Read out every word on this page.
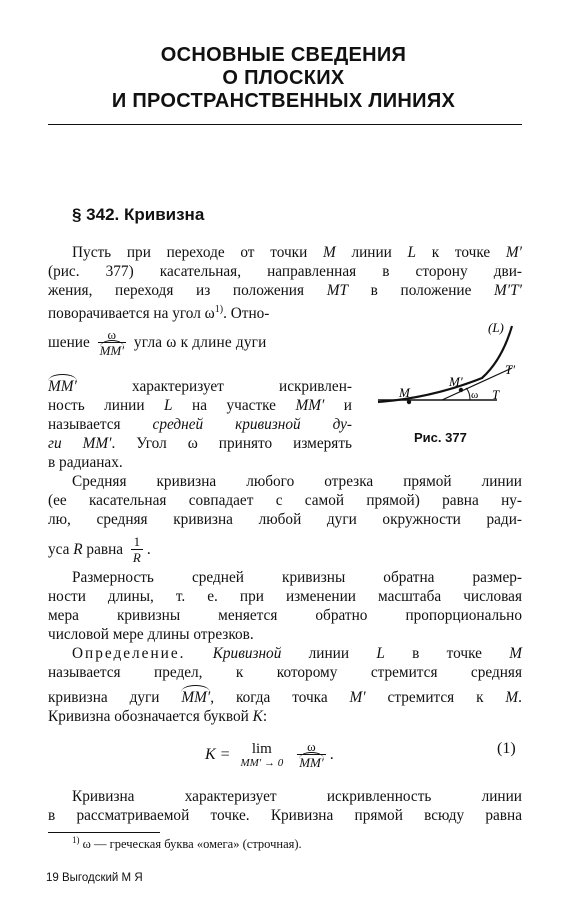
ОСНОВНЫЕ СВЕДЕНИЯ
О ПЛОСКИХ
И ПРОСТРАНСТВЕННЫХ ЛИНИЯХ
§ 342. Кривизна
Пусть при переходе от точки M линии L к точке M′
(рис. 377) касательная, направленная в сторону дви-
жения, переходя из положения MT в положение M′T′
поворачивается на угол $\omega^{1)}$. Отно-
шение $\frac{\omega}{MM'}$ угла ω к длине дуги
MM′ характеризует искривлен-
ность линии L на участке MM′ и
называется средней кривизной ду-
ги MM′. Угол ω принято измерять
в радианах.
(L)
T′
M′
M	ω T
Рис. 377
Средняя кривизна любого отрезка прямой линии
(ее касательная совпадает с самой прямой) равна ну-
лю, средняя кривизна любой дуги окружности ради-
уса R равна $\frac{1}{R}$ .
Размерность средней кривизны обратна размер-
ности длины, т. е. при изменении масштаба числовая
мера кривизны меняется обратно пропорционально
числовой мере длины отрезков.
Определение. Кривизной линии L в точке M
называется предел, к которому стремится средняя
кривизна дуги MM′, когда точка M′ стремится к M.
Кривизна обозначается буквой K:
K =	lim
MM′ → 0
$\frac{\omega}{MM'}$ .	(1)
Кривизна характеризует искривленность линии
в рассматриваемой точке. Кривизна прямой всюду равна
$^{1)}$ ω — греческая буква «омега» (строчная).
19 Выгодский М Я
